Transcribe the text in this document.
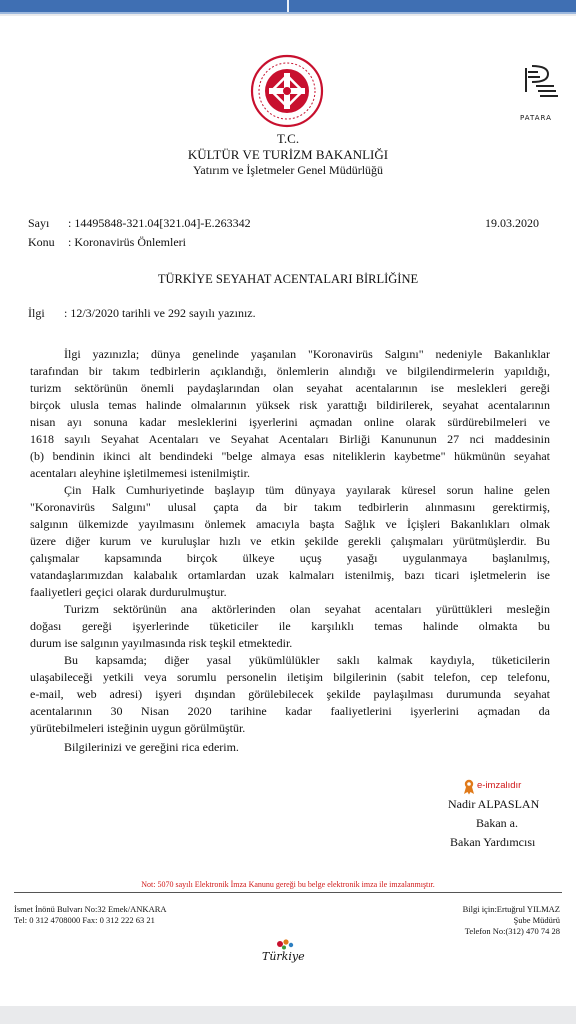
PATARA
T.C.
KÜLTÜR VE TURİZM BAKANLIĞI
Yatırım ve İşletmeler Genel Müdürlüğü
Sayı : 14495848-321.04[321.04]-E.263342	19.03.2020
Konu : Koronavirüs Önlemleri
TÜRKİYE SEYAHAT ACENTALARI BİRLİĞİNE
İlgi : 12/3/2020 tarihli ve 292 sayılı yazınız.
İlgi yazınızla; dünya genelinde yaşanılan "Koronavirüs Salgını" nedeniyle Bakanlıklar
tarafından bir takım tedbirlerin açıklandığı, önlemlerin alındığı ve bilgilendirmelerin yapıldığı,
turizm sektörünün önemli paydaşlarından olan seyahat acentalarının ise meslekleri gereği
birçok ulusla temas halinde olmalarının yüksek risk yarattığı bildirilerek, seyahat acentalarının
nisan ayı sonuna kadar mesleklerini işyerlerini açmadan online olarak sürdürebilmeleri ve
1618 sayılı Seyahat Acentaları ve Seyahat Acentaları Birliği Kanununun 27 nci maddesinin
(b) bendinin ikinci alt bendindeki "belge almaya esas niteliklerin kaybetme" hükmünün seyahat
acentaları aleyhine işletilmemesi istenilmiştir.
Çin Halk Cumhuriyetinde başlayıp tüm dünyaya yayılarak küresel sorun haline gelen
"Koronavirüs Salgını" ulusal çapta da bir takım tedbirlerin alınmasını gerektirmiş,
salgının ülkemizde yayılmasını önlemek amacıyla başta Sağlık ve İçişleri Bakanlıkları olmak
üzere diğer kurum ve kuruluşlar hızlı ve etkin şekilde gerekli çalışmaları yürütmüşlerdir. Bu
çalışmalar kapsamında birçok ülkeye uçuş yasağı uygulanmaya başlanılmış,
vatandaşlarımızdan kalabalık ortamlardan uzak kalmaları istenilmiş, bazı ticari işletmelerin ise
faaliyetleri geçici olarak durdurulmuştur.
Turizm sektörünün ana aktörlerinden olan seyahat acentaları yürüttükleri mesleğin
doğası gereği işyerlerinde tüketiciler ile karşılıklı temas halinde olmakta bu
durum ise salgının yayılmasında risk teşkil etmektedir.
Bu kapsamda; diğer yasal yükümlülükler saklı kalmak kaydıyla, tüketicilerin
ulaşabileceği yetkili veya sorumlu personelin iletişim bilgilerinin (sabit telefon, cep telefonu,
e-mail, web adresi) işyeri dışından görülebilecek şekilde paylaşılması durumunda seyahat
acentalarının 30 Nisan 2020 tarihine kadar faaliyetlerini işyerlerini açmadan da
yürütebilmeleri isteğinin uygun görülmüştür.
Bilgilerinizi ve gereğini rica ederim.
e-imzalıdır
Nadir ALPASLAN
Bakan a.
Bakan Yardımcısı
Not: 5070 sayılı Elektronik İmza Kanunu gereği bu belge elektronik imza ile imzalanmıştır.
İsmet İnönü Bulvarı No:32 Emek/ANKARA
Tel: 0 312 4708000 Fax: 0 312 222 63 21
Bilgi için:Ertuğrul YILMAZ
Şube Müdürü
Telefon No:(312) 470 74 28
Türkiye
